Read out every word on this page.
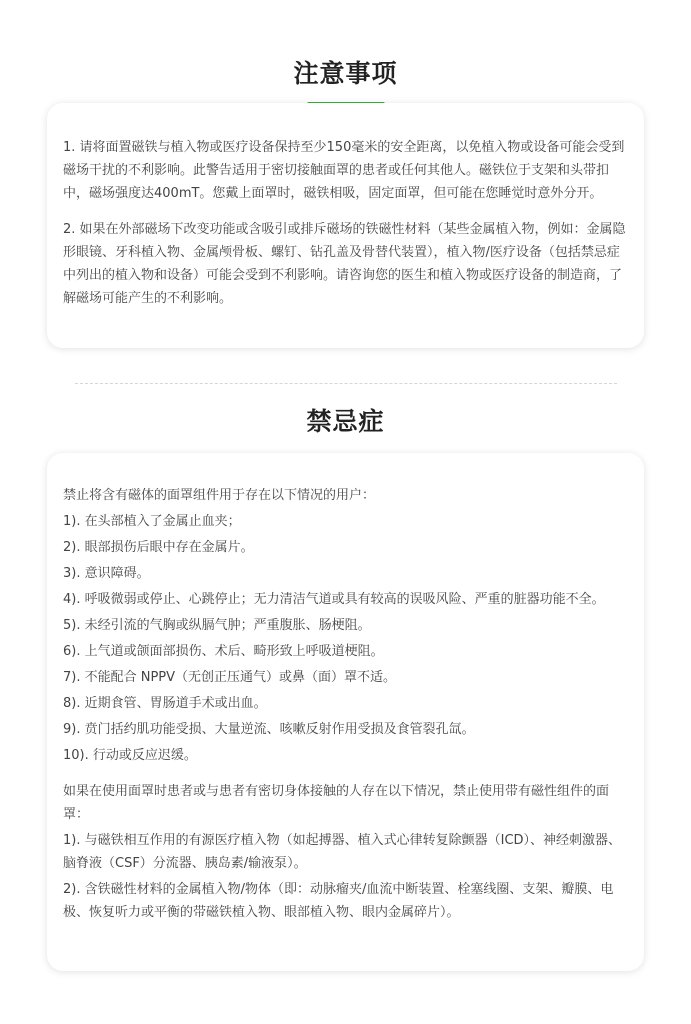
注意事项

1. 请将面置磁铁与植入物或医疗设备保持至少150毫米的安全距离，以免植入物或设备可能会受到磁场干扰的不利影响。此警告适用于密切接触面罩的患者或任何其他人。磁铁位于支架和头带扣中，磁场强度达400mT。您戴上面罩时，磁铁相吸，固定面罩，但可能在您睡觉时意外分开。

2. 如果在外部磁场下改变功能或含吸引或排斥磁场的铁磁性材料（某些金属植入物，例如：金属隐形眼镜、牙科植入物、金属颅骨板、螺钉、钻孔盖及骨替代装置），植入物/医疗设备（包括禁忌症中列出的植入物和设备）可能会受到不利影响。请咨询您的医生和植入物或医疗设备的制造商，了解磁场可能产生的不利影响。

禁忌症

禁止将含有磁体的面罩组件用于存在以下情况的用户：

1). 在头部植入了金属止血夹；

2). 眼部损伤后眼中存在金属片。

3). 意识障碍。

4). 呼吸微弱或停止、心跳停止；无力清洁气道或具有较高的误吸风险、严重的脏器功能不全。

5). 未经引流的气胸或纵膈气肿；严重腹胀、肠梗阻。

6). 上气道或颌面部损伤、术后、畸形致上呼吸道梗阻。

7). 不能配合 NPPV（无创正压通气）或鼻（面）罩不适。

8). 近期食管、胃肠道手术或出血。

9). 贲门括约肌功能受损、大量逆流、咳嗽反射作用受损及食管裂孔氙。

10). 行动或反应迟缓。

如果在使用面罩时患者或与患者有密切身体接触的人存在以下情况，禁止使用带有磁性组件的面罩：

1). 与磁铁相互作用的有源医疗植入物（如起搏器、植入式心律转复除颤器（ICD）、神经刺激器、脑脊液（CSF）分流器、胰岛素/输液泵）。

2). 含铁磁性材料的金属植入物/物体（即：动脉瘤夹/血流中断装置、栓塞线圈、支架、瓣膜、电极、恢复听力或平衡的带磁铁植入物、眼部植入物、眼内金属碎片）。
